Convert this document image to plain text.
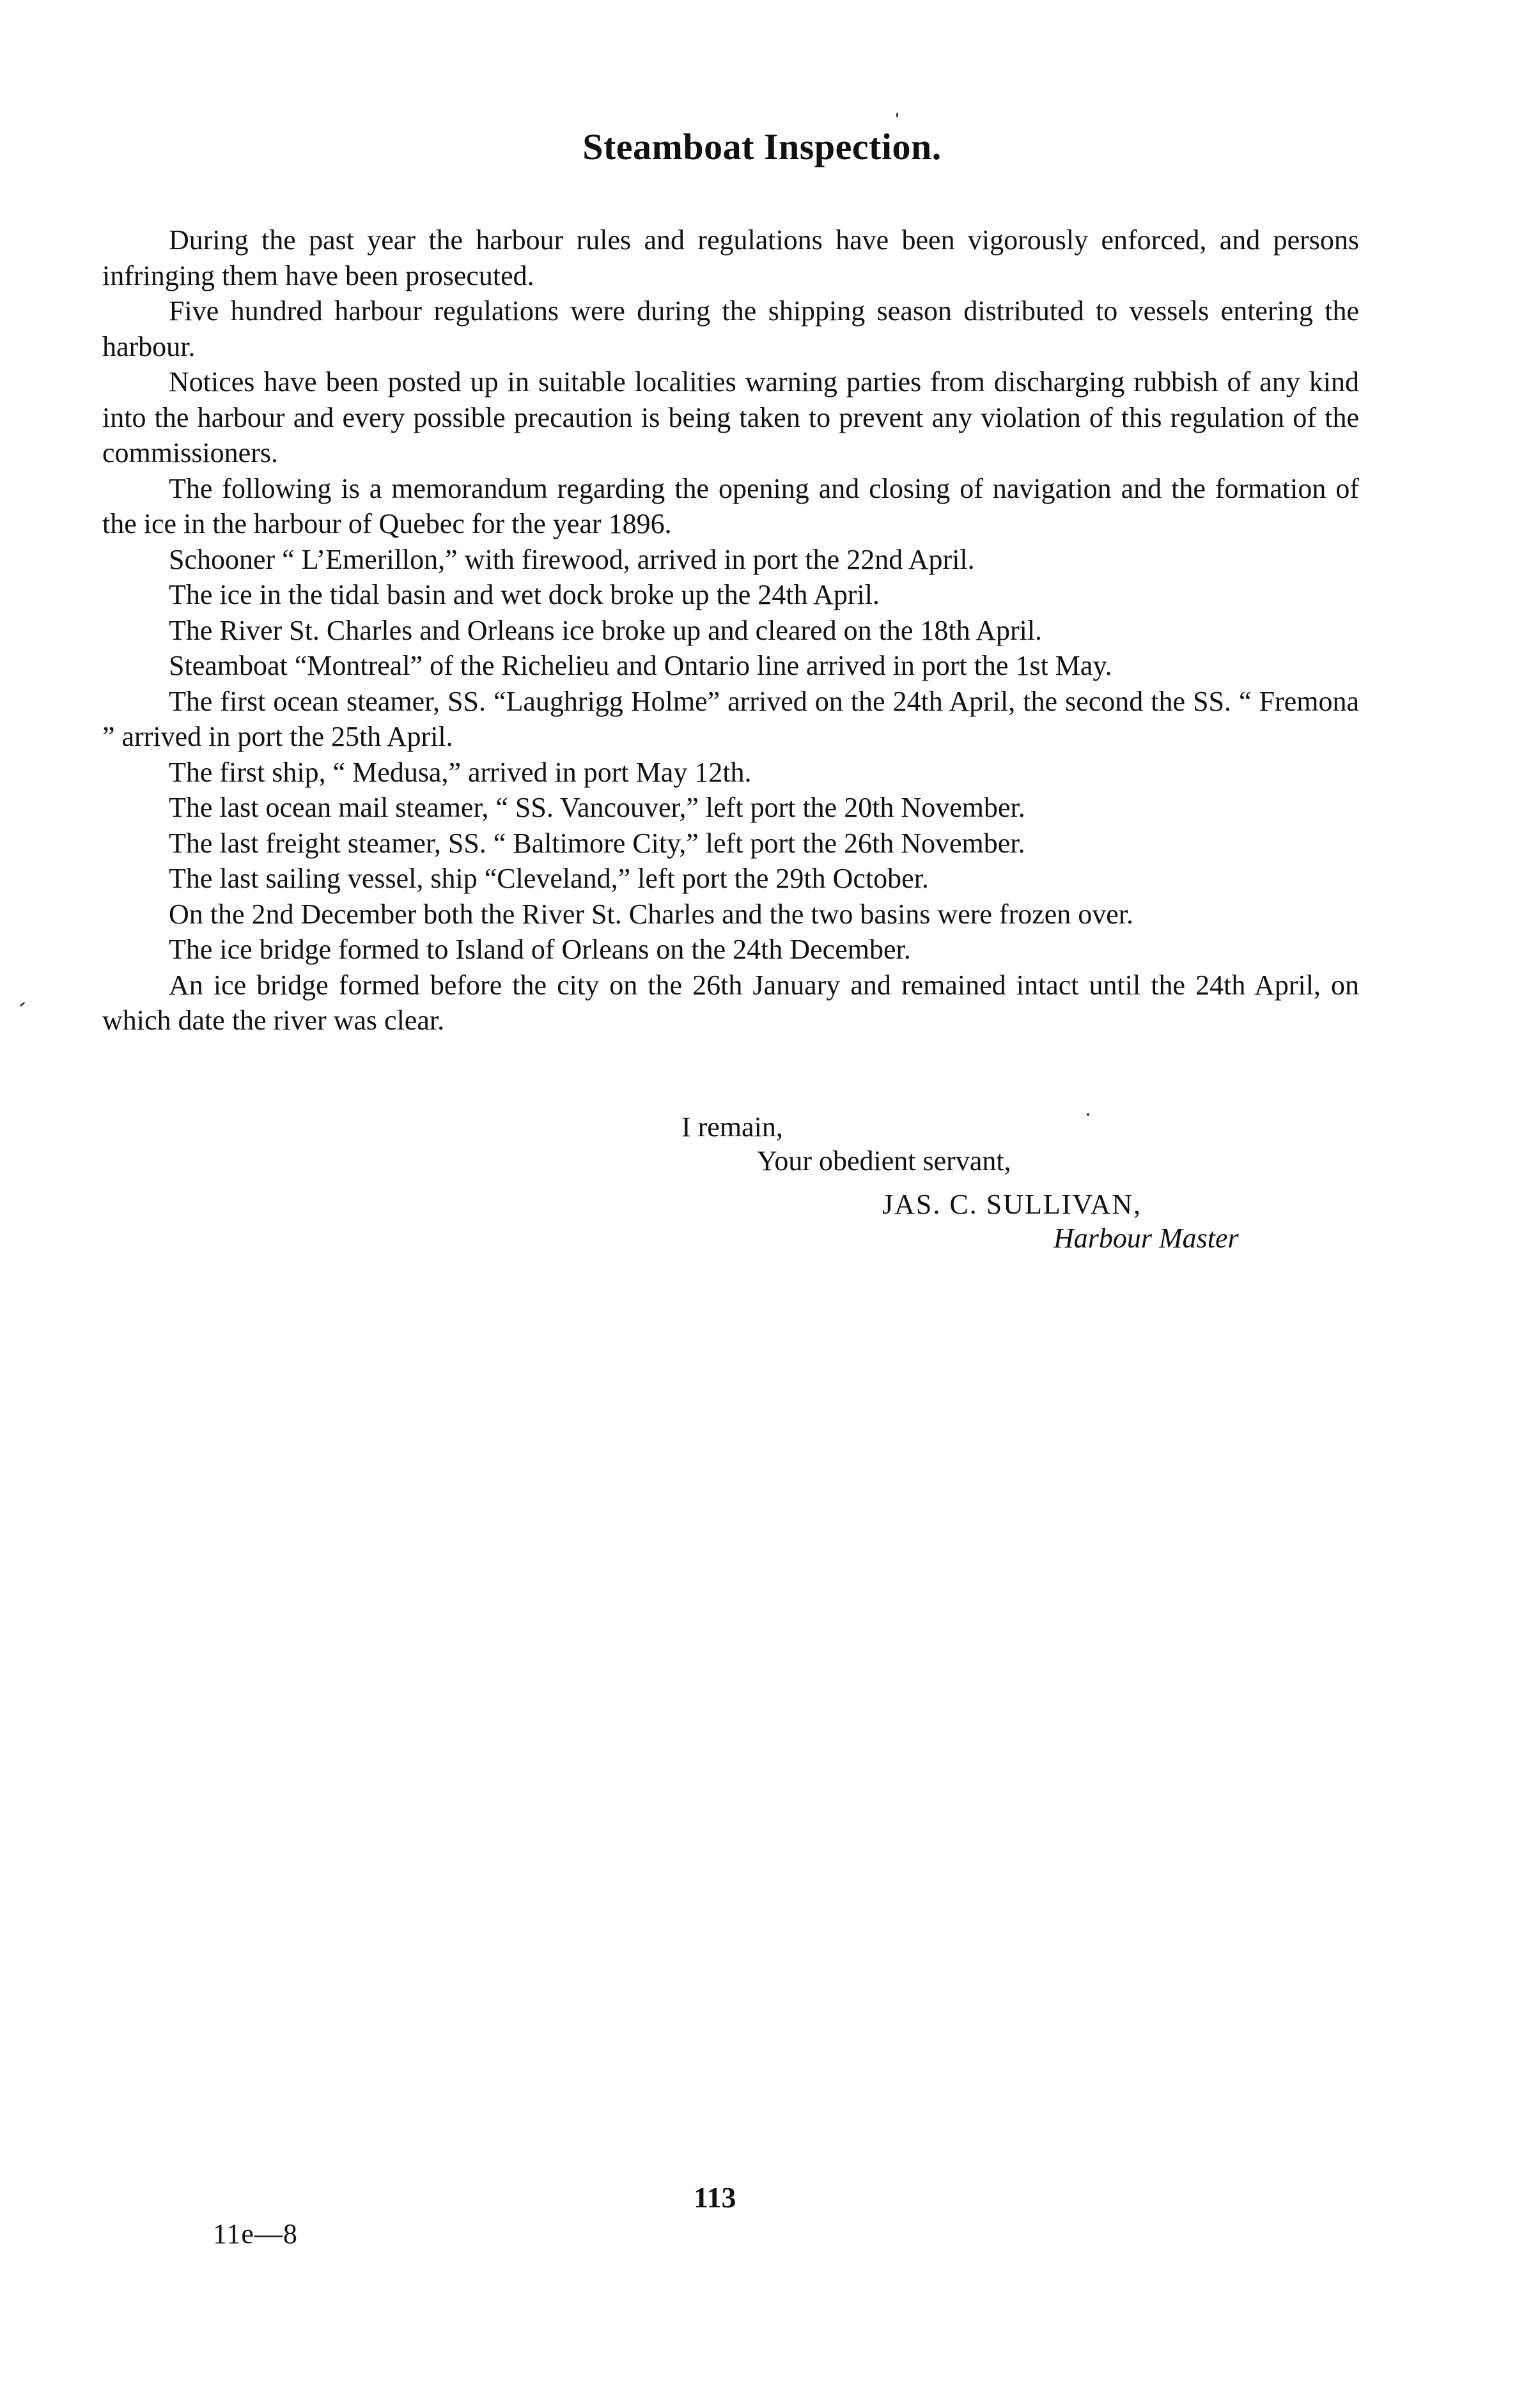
Steamboat Inspection.

During the past year the harbour rules and regulations have been vigorously enforced, and persons infringing them have been prosecuted.

Five hundred harbour regulations were during the shipping season distributed to vessels entering the harbour.

Notices have been posted up in suitable localities warning parties from discharging rubbish of any kind into the harbour and every possible precaution is being taken to prevent any violation of this regulation of the commissioners.

The following is a memorandum regarding the opening and closing of navigation and the formation of the ice in the harbour of Quebec for the year 1896.

Schooner “ L’Emerillon,” with firewood, arrived in port the 22nd April.

The ice in the tidal basin and wet dock broke up the 24th April.

The River St. Charles and Orleans ice broke up and cleared on the 18th April.

Steamboat “Montreal” of the Richelieu and Ontario line arrived in port the 1st May.

The first ocean steamer, SS. “Laughrigg Holme” arrived on the 24th April, the second the SS. “ Fremona ” arrived in port the 25th April.

The first ship, “ Medusa,” arrived in port May 12th.

The last ocean mail steamer, “ SS. Vancouver,” left port the 20th November.

The last freight steamer, SS. “ Baltimore City,” left port the 26th November.

The last sailing vessel, ship “Cleveland,” left port the 29th October.

On the 2nd December both the River St. Charles and the two basins were frozen over.

The ice bridge formed to Island of Orleans on the 24th December.

An ice bridge formed before the city on the 26th January and remained intact until the 24th April, on which date the river was clear.

I remain,
Your obedient servant,
JAS. C. SULLIVAN,
Harbour Master
113
11e—8
